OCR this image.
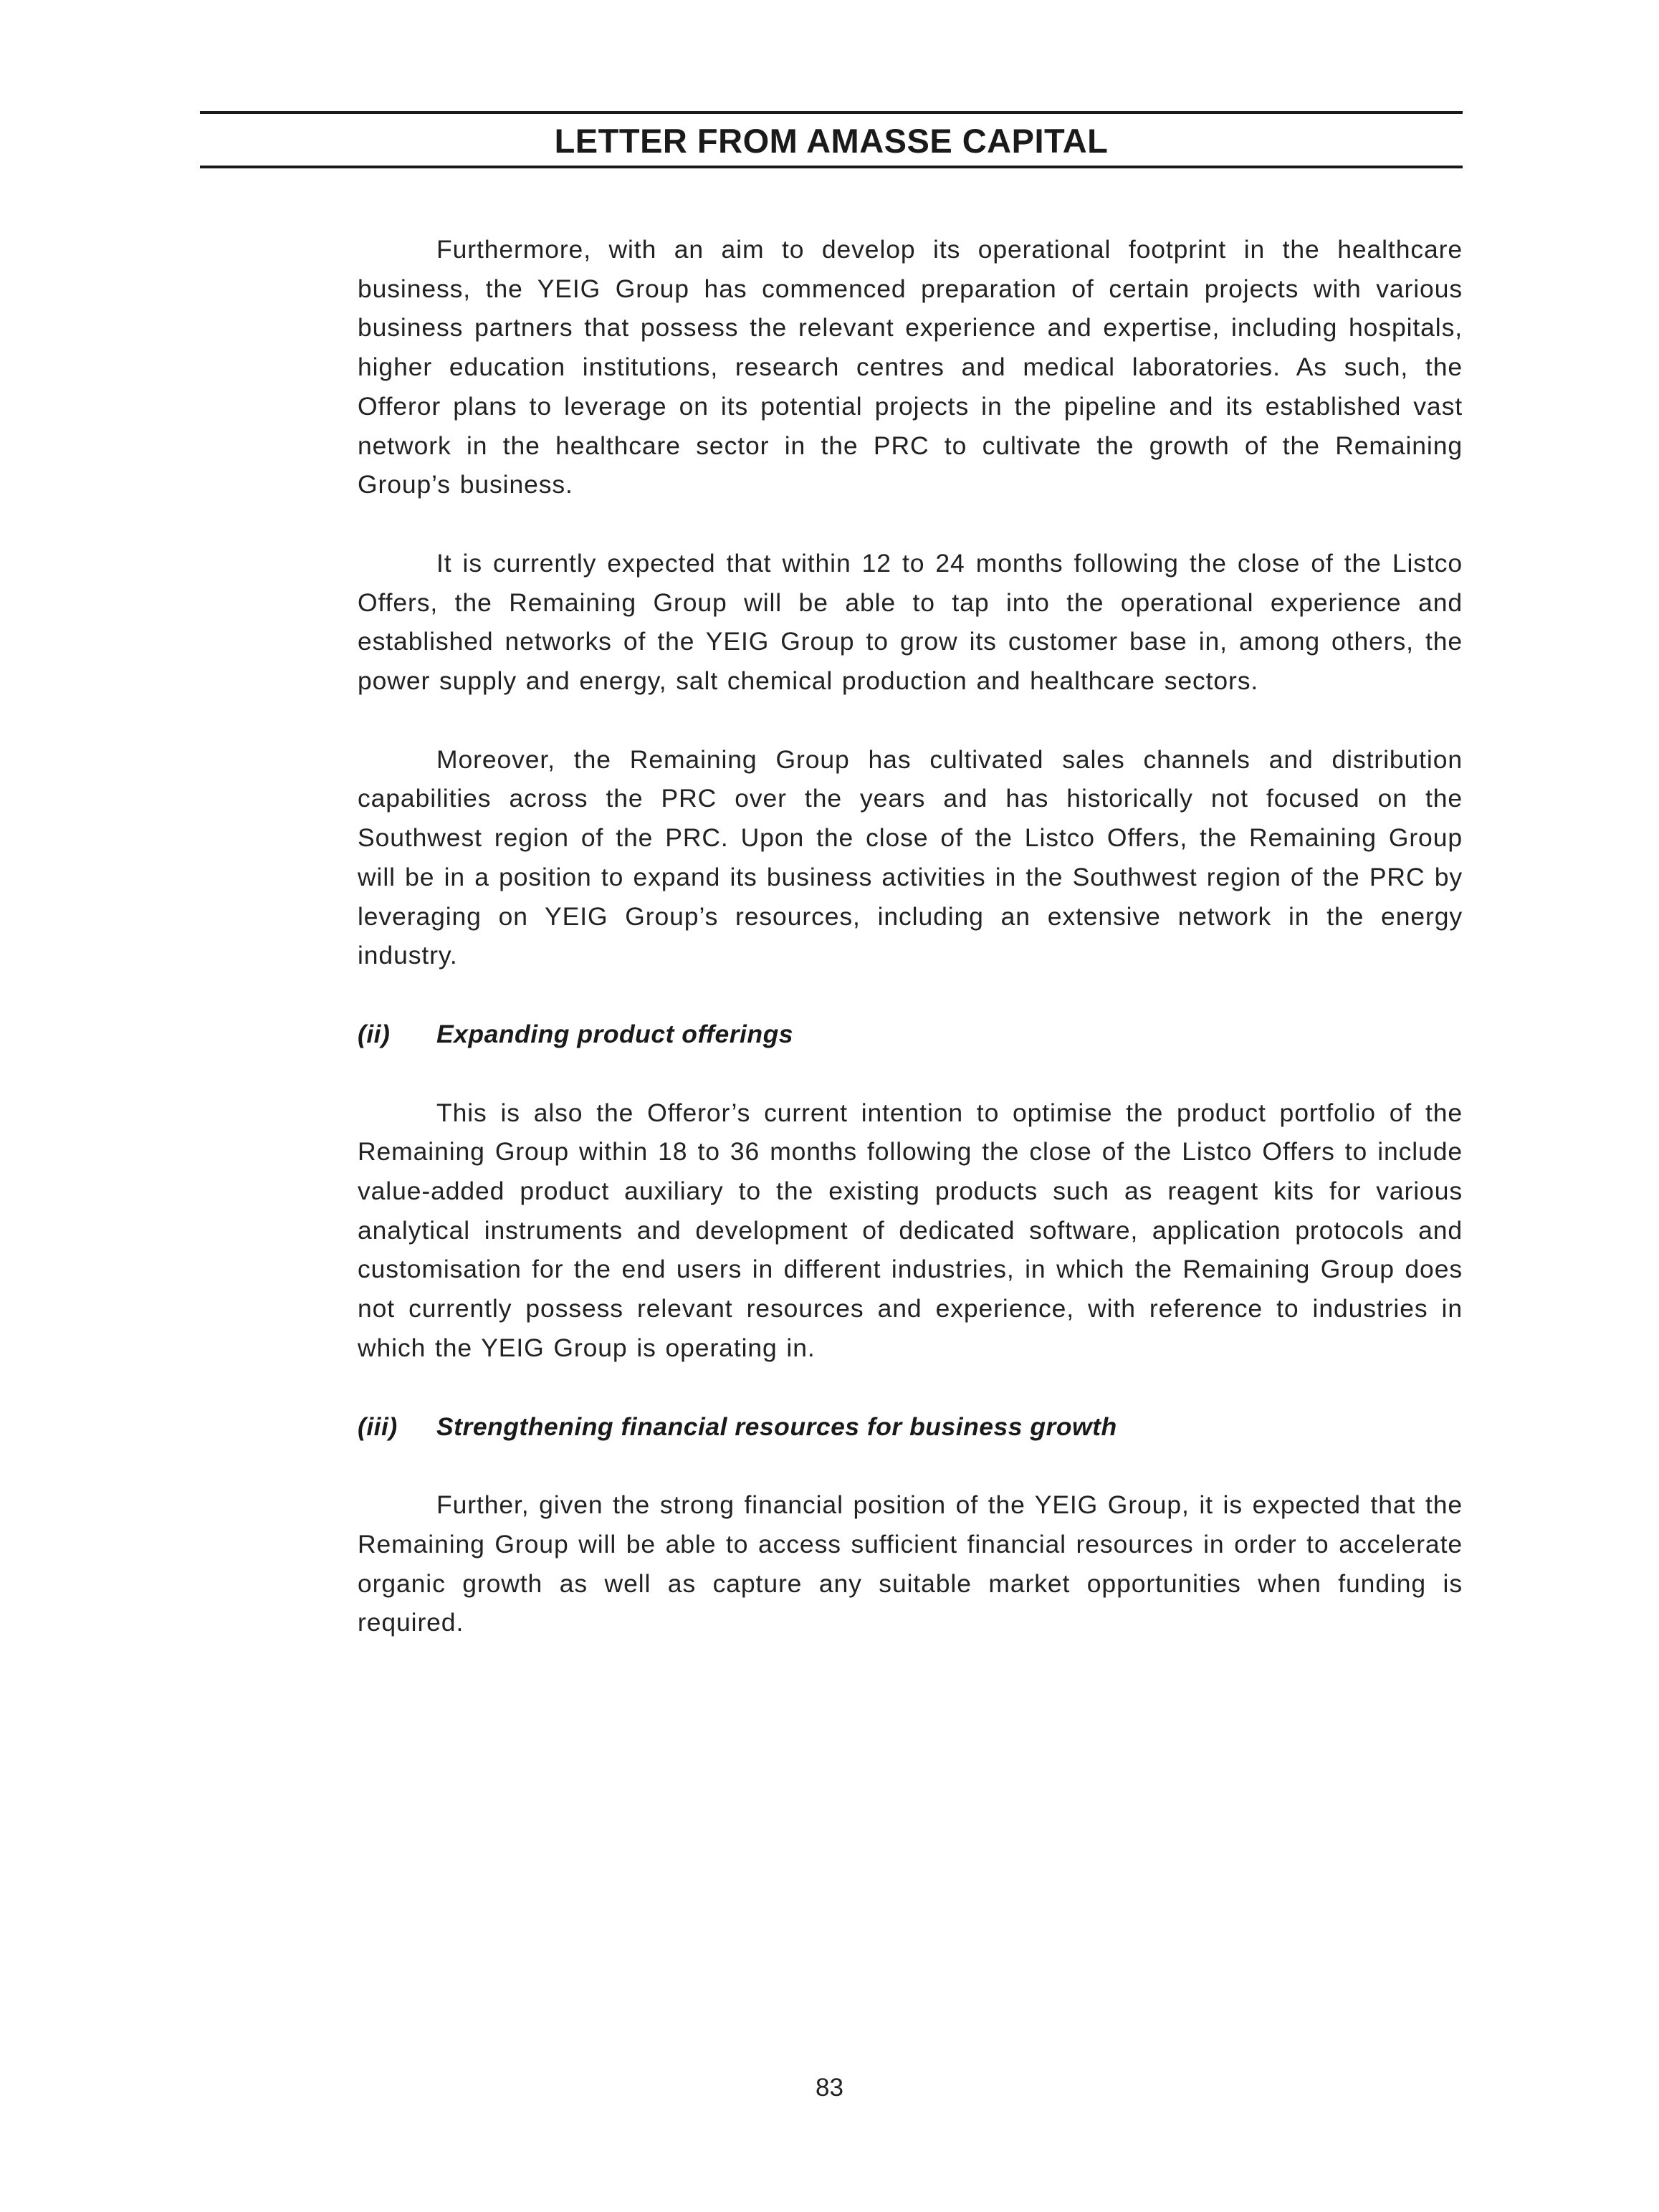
LETTER FROM AMASSE CAPITAL

Furthermore, with an aim to develop its operational footprint in the healthcare business, the YEIG Group has commenced preparation of certain projects with various business partners that possess the relevant experience and expertise, including hospitals, higher education institutions, research centres and medical laboratories. As such, the Offeror plans to leverage on its potential projects in the pipeline and its established vast network in the healthcare sector in the PRC to cultivate the growth of the Remaining Group’s business.

It is currently expected that within 12 to 24 months following the close of the Listco Offers, the Remaining Group will be able to tap into the operational experience and established networks of the YEIG Group to grow its customer base in, among others, the power supply and energy, salt chemical production and healthcare sectors.

Moreover, the Remaining Group has cultivated sales channels and distribution capabilities across the PRC over the years and has historically not focused on the Southwest region of the PRC. Upon the close of the Listco Offers, the Remaining Group will be in a position to expand its business activities in the Southwest region of the PRC by leveraging on YEIG Group’s resources, including an extensive network in the energy industry.

(ii)	Expanding product offerings

This is also the Offeror’s current intention to optimise the product portfolio of the Remaining Group within 18 to 36 months following the close of the Listco Offers to include value-added product auxiliary to the existing products such as reagent kits for various analytical instruments and development of dedicated software, application protocols and customisation for the end users in different industries, in which the Remaining Group does not currently possess relevant resources and experience, with reference to industries in which the YEIG Group is operating in.

(iii)	Strengthening financial resources for business growth

Further, given the strong financial position of the YEIG Group, it is expected that the Remaining Group will be able to access sufficient financial resources in order to accelerate organic growth as well as capture any suitable market opportunities when funding is required.

83
